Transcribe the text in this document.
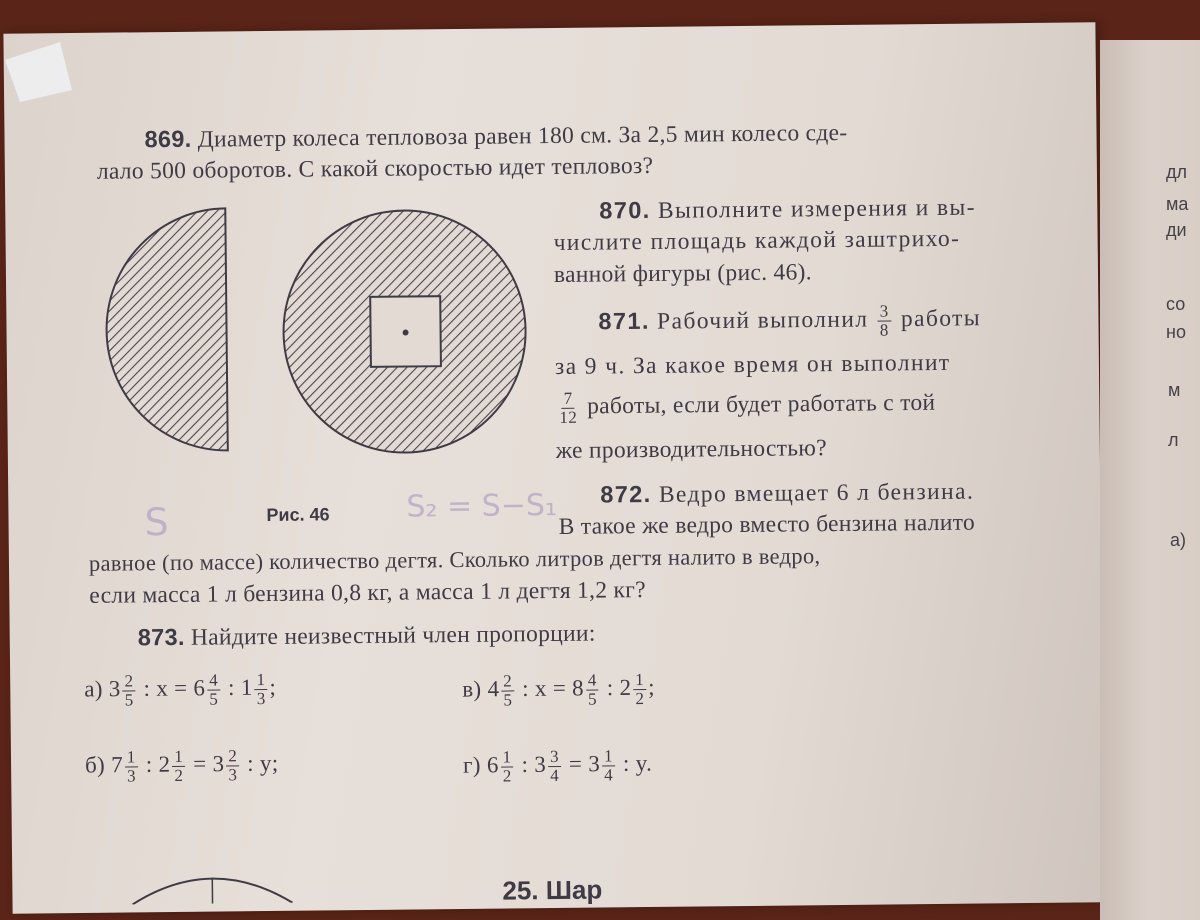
869. Диаметр колеса тепловоза равен 180 см. За 2,5 мин колесо сде-
лало 500 оборотов. С какой скоростью идет тепловоз?
Рис. 46
S	S₂ = S−S₁
870. Выполните измерения и вы-
числите площадь каждой заштрихо-
ванной фигуры (рис. 46).
871. Рабочий выполнил $\frac{3}{8}$ работы
за 9 ч. За какое время он выполнит
$\frac{7}{12}$ работы, если будет работать с той
же производительностью?
872. Ведро вмещает 6 л бензина.
В такое же ведро вместо бензина налито
равное (по массе) количество дегтя. Сколько литров дегтя налито в ведро,
если масса 1 л бензина 0,8 кг, а масса 1 л дегтя 1,2 кг?
873. Найдите неизвестный член пропорции:
а) $3 \frac{2}{5}$ : $x = 6 \frac{4}{5}$ : $1 \frac{1}{3}$ ;
б) $7 \frac{1}{3}$ : $2 \frac{1}{2} = 3 \frac{2}{3}$ : y;
в) $4 \frac{2}{5}$ : $x = 8 \frac{4}{5}$ : $2 \frac{1}{2}$ ;
г) $6 \frac{1}{2}$ : $3 \frac{3}{4} = 3 \frac{1}{4}$ : y.
25. Шар
дл
ма
ди
со
но
м
л
а)
